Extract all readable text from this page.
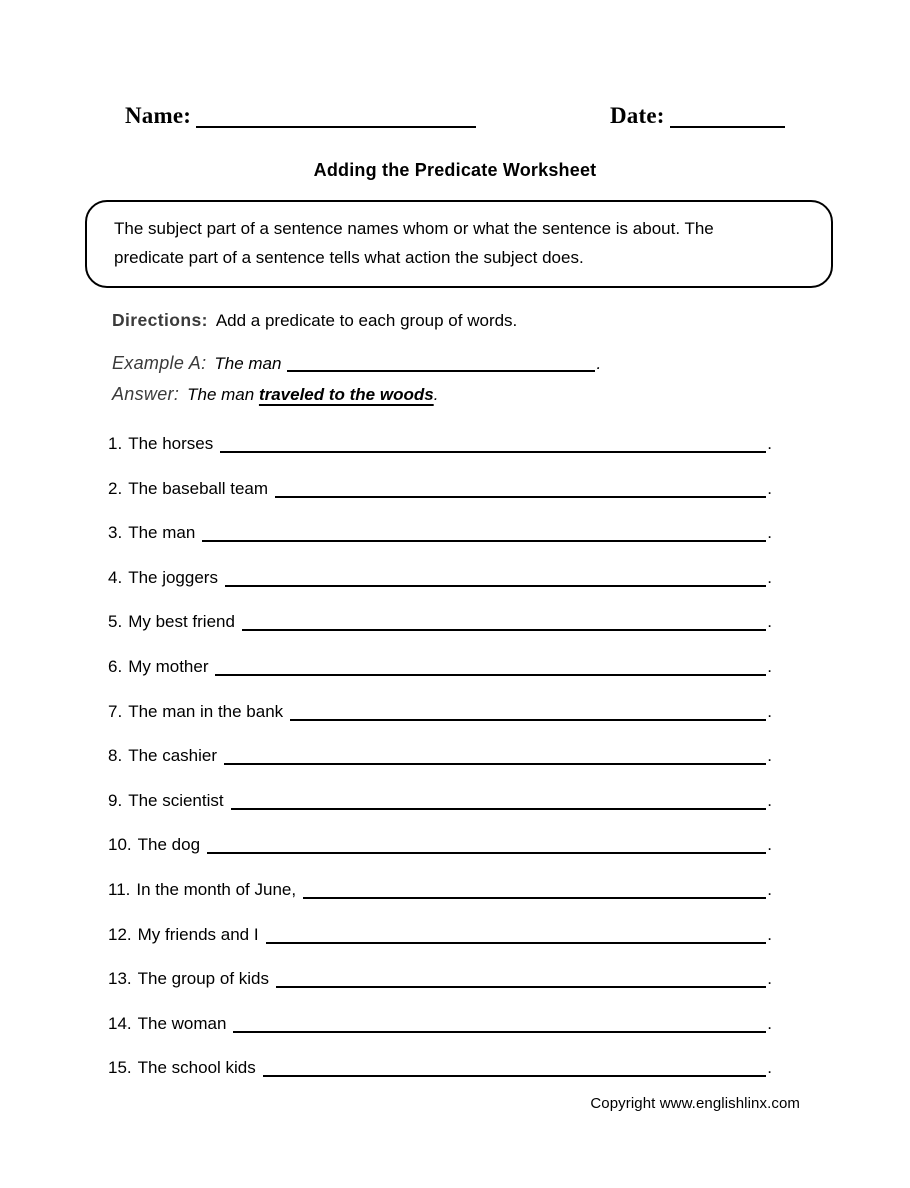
Name:	Date:
Adding the Predicate Worksheet
The subject part of a sentence names whom or what the sentence is about. The
predicate part of a sentence tells what action the subject does.
Directions: Add a predicate to each group of words.
Example A: The man	.
Answer: The man traveled to the woods.
1. The horses	.
2. The baseball team	.
3. The man	.
4. The joggers	.
5. My best friend	.
6. My mother	.
7. The man in the bank	.
8. The cashier	.
9. The scientist	.
10. The dog	.
11. In the month of June,	.
12. My friends and I	.
13. The group of kids	.
14. The woman	.
15. The school kids	.
Copyright www.englishlinx.com
